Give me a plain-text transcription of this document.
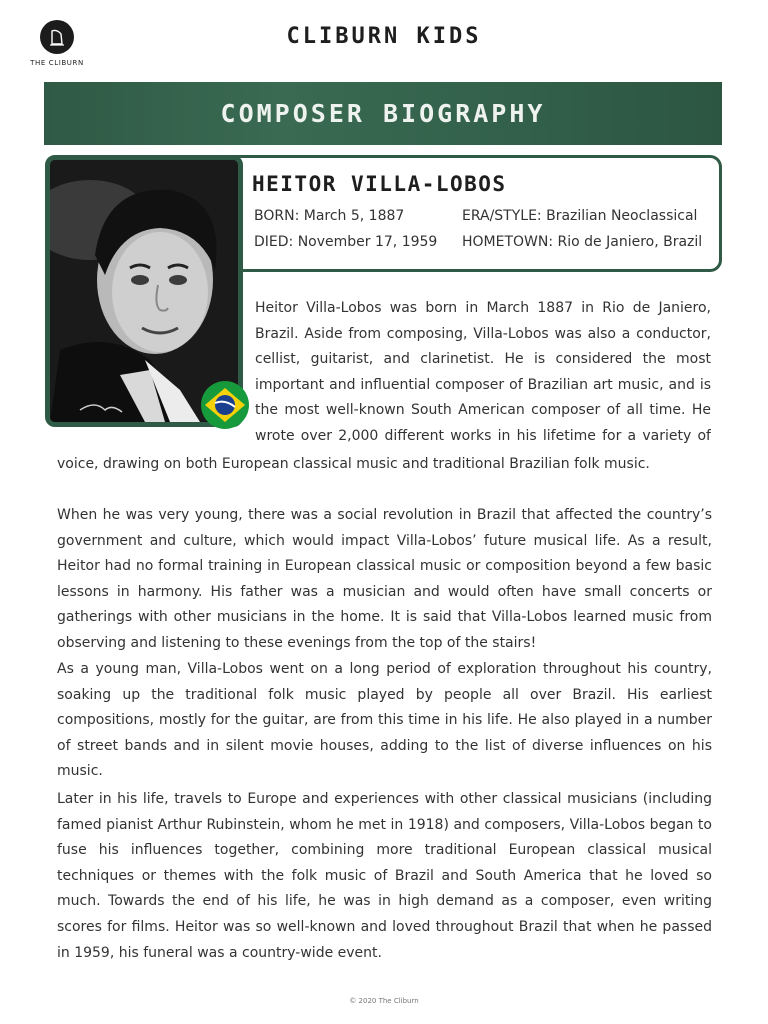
THE CLIBURN
CLIBURN KIDS
COMPOSER BIOGRAPHY
HEITOR VILLA-LOBOS
BORN: March 5, 1887
DIED: November 17, 1959
ERA/STYLE: Brazilian Neoclassical
HOMETOWN: Rio de Janiero, Brazil

Heitor Villa-Lobos was born in March 1887 in Rio de Janiero, Brazil. Aside from composing, Villa-Lobos was also a conductor, cellist, guitarist, and clarinetist. He is considered the most important and influential composer of Brazilian art music, and is the most well-known South American composer of all time. He wrote over 2,000 different works in his lifetime for a variety of

voice, drawing on both European classical music and traditional Brazilian folk music.

When he was very young, there was a social revolution in Brazil that affected the country’s government and culture, which would impact Villa-Lobos’ future musical life. As a result, Heitor had no formal training in European classical music or composition beyond a few basic lessons in harmony. His father was a musician and would often have small concerts or gatherings with other musicians in the home. It is said that Villa-Lobos learned music from observing and listening to these evenings from the top of the stairs!

As a young man, Villa-Lobos went on a long period of exploration throughout his country, soaking up the traditional folk music played by people all over Brazil. His earliest compositions, mostly for the guitar, are from this time in his life. He also played in a number of street bands and in silent movie houses, adding to the list of diverse influences on his music.

Later in his life, travels to Europe and experiences with other classical musicians (including famed pianist Arthur Rubinstein, whom he met in 1918) and composers, Villa-Lobos began to fuse his influences together, combining more traditional European classical musical techniques or themes with the folk music of Brazil and South America that he loved so much. Towards the end of his life, he was in high demand as a composer, even writing scores for films. Heitor was so well-known and loved throughout Brazil that when he passed in 1959, his funeral was a country-wide event.

© 2020 The Cliburn
